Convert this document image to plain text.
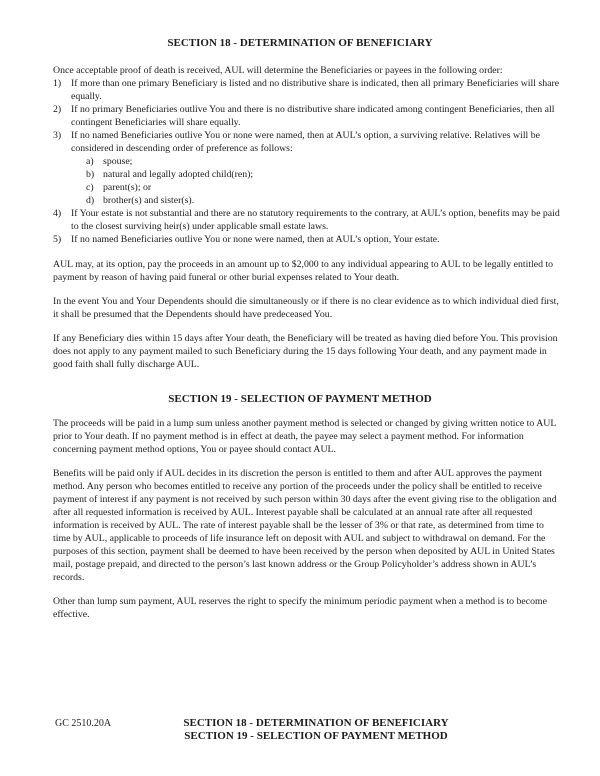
SECTION 18 - DETERMINATION OF BENEFICIARY

Once acceptable proof of death is received, AUL will determine the Beneficiaries or payees in the following order:

1)	If more than one primary Beneficiary is listed and no distributive share is indicated, then all primary Beneficiaries will share equally.
2)	If no primary Beneficiaries outlive You and there is no distributive share indicated among contingent Beneficiaries, then all contingent Beneficiaries will share equally.
3)	If no named Beneficiaries outlive You or none were named, then at AUL’s option, a surviving relative. Relatives will be considered in descending order of preference as follows:
a) spouse;
b) natural and legally adopted child(ren);
c) parent(s); or
d) brother(s) and sister(s).
4)	If Your estate is not substantial and there are no statutory requirements to the contrary, at AUL’s option, benefits may be paid to the closest surviving heir(s) under applicable small estate laws.
5)	If no named Beneficiaries outlive You or none were named, then at AUL’s option, Your estate.

AUL may, at its option, pay the proceeds in an amount up to $2,000 to any individual appearing to AUL to be legally entitled to payment by reason of having paid funeral or other burial expenses related to Your death.

In the event You and Your Dependents should die simultaneously or if there is no clear evidence as to which individual died first, it shall be presumed that the Dependents should have predeceased You.

If any Beneficiary dies within 15 days after Your death, the Beneficiary will be treated as having died before You. This provision does not apply to any payment mailed to such Beneficiary during the 15 days following Your death, and any payment made in good faith shall fully discharge AUL.

SECTION 19 - SELECTION OF PAYMENT METHOD

The proceeds will be paid in a lump sum unless another payment method is selected or changed by giving written notice to AUL prior to Your death. If no payment method is in effect at death, the payee may select a payment method. For information concerning payment method options, You or payee should contact AUL.

Benefits will be paid only if AUL decides in its discretion the person is entitled to them and after AUL approves the payment method. Any person who becomes entitled to receive any portion of the proceeds under the policy shall be entitled to receive payment of interest if any payment is not received by such person within 30 days after the event giving rise to the obligation and after all requested information is received by AUL. Interest payable shall be calculated at an annual rate after all requested information is received by AUL. The rate of interest payable shall be the lesser of 3% or that rate, as determined from time to time by AUL, applicable to proceeds of life insurance left on deposit with AUL and subject to withdrawal on demand. For the purposes of this section, payment shall be deemed to have been received by the person when deposited by AUL in United States mail, postage prepaid, and directed to the person’s last known address or the Group Policyholder’s address shown in AUL’s records.

Other than lump sum payment, AUL reserves the right to specify the minimum periodic payment when a method is to become effective.

GC 2510.20A	SECTION 18 - DETERMINATION OF BENEFICIARY
SECTION 19 - SELECTION OF PAYMENT METHOD
